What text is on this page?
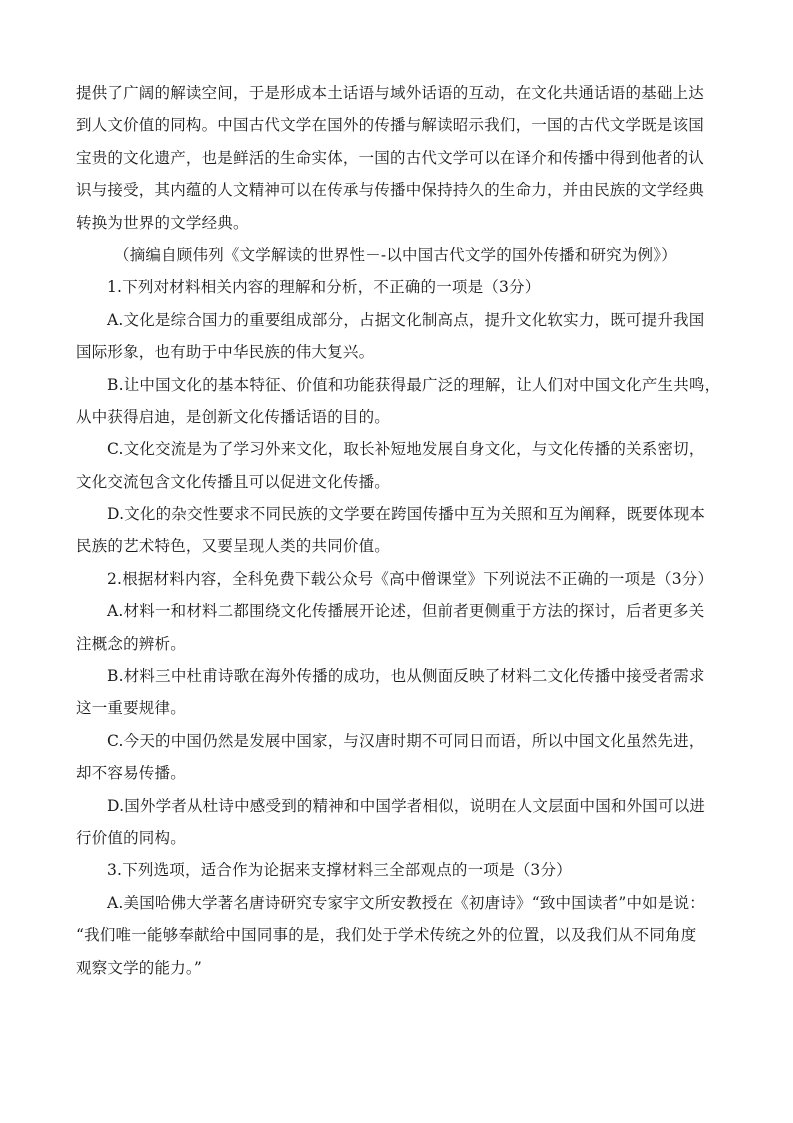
提供了广阔的解读空间，于是形成本土话语与域外话语的互动，在文化共通话语的基础上达
到人文价值的同构。中国古代文学在国外的传播与解读昭示我们，一国的古代文学既是该国
宝贵的文化遗产，也是鲜活的生命实体，一国的古代文学可以在译介和传播中得到他者的认
识与接受，其内蕴的人文精神可以在传承与传播中保持持久的生命力，并由民族的文学经典
转换为世界的文学经典。
（摘编自顾伟列《文学解读的世界性－-以中国古代文学的国外传播和研究为例》）
1.下列对材料相关内容的理解和分析，不正确的一项是（3分）
A.文化是综合国力的重要组成部分，占据文化制高点，提升文化软实力，既可提升我国
国际形象，也有助于中华民族的伟大复兴。
B.让中国文化的基本特征、价值和功能获得最广泛的理解，让人们对中国文化产生共鸣，
从中获得启迪，是创新文化传播话语的目的。
C.文化交流是为了学习外来文化，取长补短地发展自身文化，与文化传播的关系密切，
文化交流包含文化传播且可以促进文化传播。
D.文化的杂交性要求不同民族的文学要在跨国传播中互为关照和互为阐释，既要体现本
民族的艺术特色，又要呈现人类的共同价值。
2.根据材料内容，全科免费下载公众号《高中僧课堂》下列说法不正确的一项是（3分）
A.材料一和材料二都围绕文化传播展开论述，但前者更侧重于方法的探讨，后者更多关
注概念的辨析。
B.材料三中杜甫诗歌在海外传播的成功，也从侧面反映了材料二文化传播中接受者需求
这一重要规律。
C.今天的中国仍然是发展中国家，与汉唐时期不可同日而语，所以中国文化虽然先进，
却不容易传播。
D.国外学者从杜诗中感受到的精神和中国学者相似，说明在人文层面中国和外国可以进
行价值的同构。
3.下列选项，适合作为论据来支撑材料三全部观点的一项是（3分）
A.美国哈佛大学著名唐诗研究专家宇文所安教授在《初唐诗》“致中国读者”中如是说：
“我们唯一能够奉献给中国同事的是，我们处于学术传统之外的位置，以及我们从不同角度
观察文学的能力。”
